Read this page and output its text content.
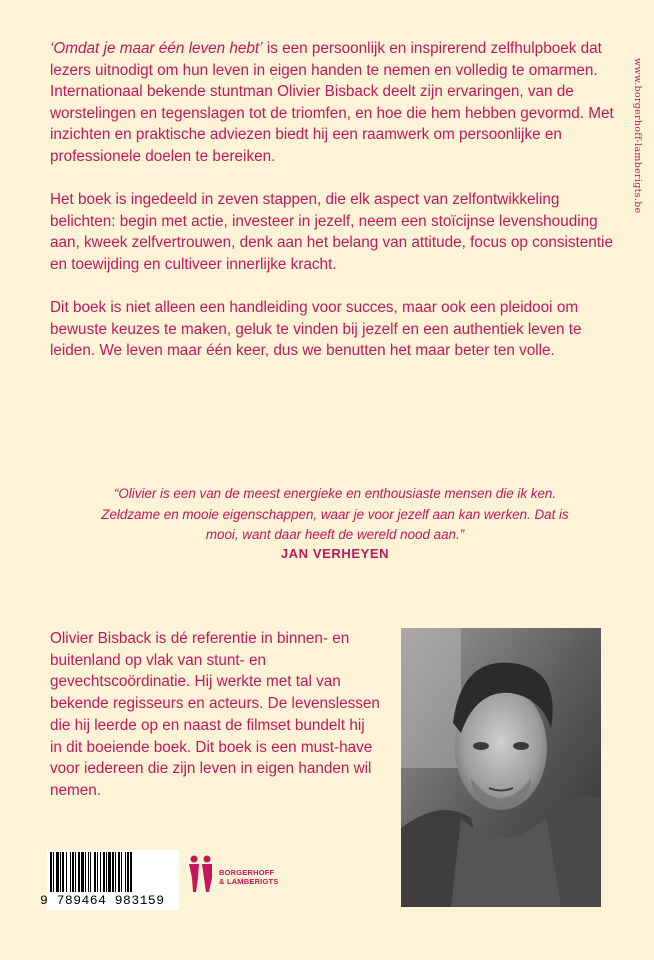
‘Omdat je maar één leven hebt’ is een persoonlijk en inspirerend zelfhulpboek dat lezers uitnodigt om hun leven in eigen handen te nemen en volledig te omarmen. Internationaal bekende stuntman Olivier Bisback deelt zijn ervaringen, van de worstelingen en tegenslagen tot de triomfen, en hoe die hem hebben gevormd. Met inzichten en praktische adviezen biedt hij een raamwerk om persoonlijke en professionele doelen te bereiken.

Het boek is ingedeeld in zeven stappen, die elk aspect van zelfontwikkeling belichten: begin met actie, investeer in jezelf, neem een stoïcijnse levenshouding aan, kweek zelfvertrouwen, denk aan het belang van attitude, focus op consistentie en toewijding en cultiveer innerlijke kracht.

Dit boek is niet alleen een handleiding voor succes, maar ook een pleidooi om bewuste keuzes te maken, geluk te vinden bij jezelf en een authentiek leven te leiden. We leven maar één keer, dus we benutten het maar beter ten volle.

www.borgerhoff-lamberigts.be
“Olivier is een van de meest energieke en enthousiaste mensen die ik ken. Zeldzame en mooie eigenschappen, waar je voor jezelf aan kan werken. Dat is mooi, want daar heeft de wereld nood aan.”
JAN VERHEYEN
Olivier Bisback is dé referentie in binnen- en buitenland op vlak van stunt- en gevechtscoördinatie. Hij werkte met tal van bekende regisseurs en acteurs. De levenslessen die hij leerde op en naast de filmset bundelt hij in dit boeiende boek. Dit boek is een must-have voor iedereen die zijn leven in eigen handen wil nemen.
9 789464 983159
BORGERHOFF
& LAMBERIGTS
